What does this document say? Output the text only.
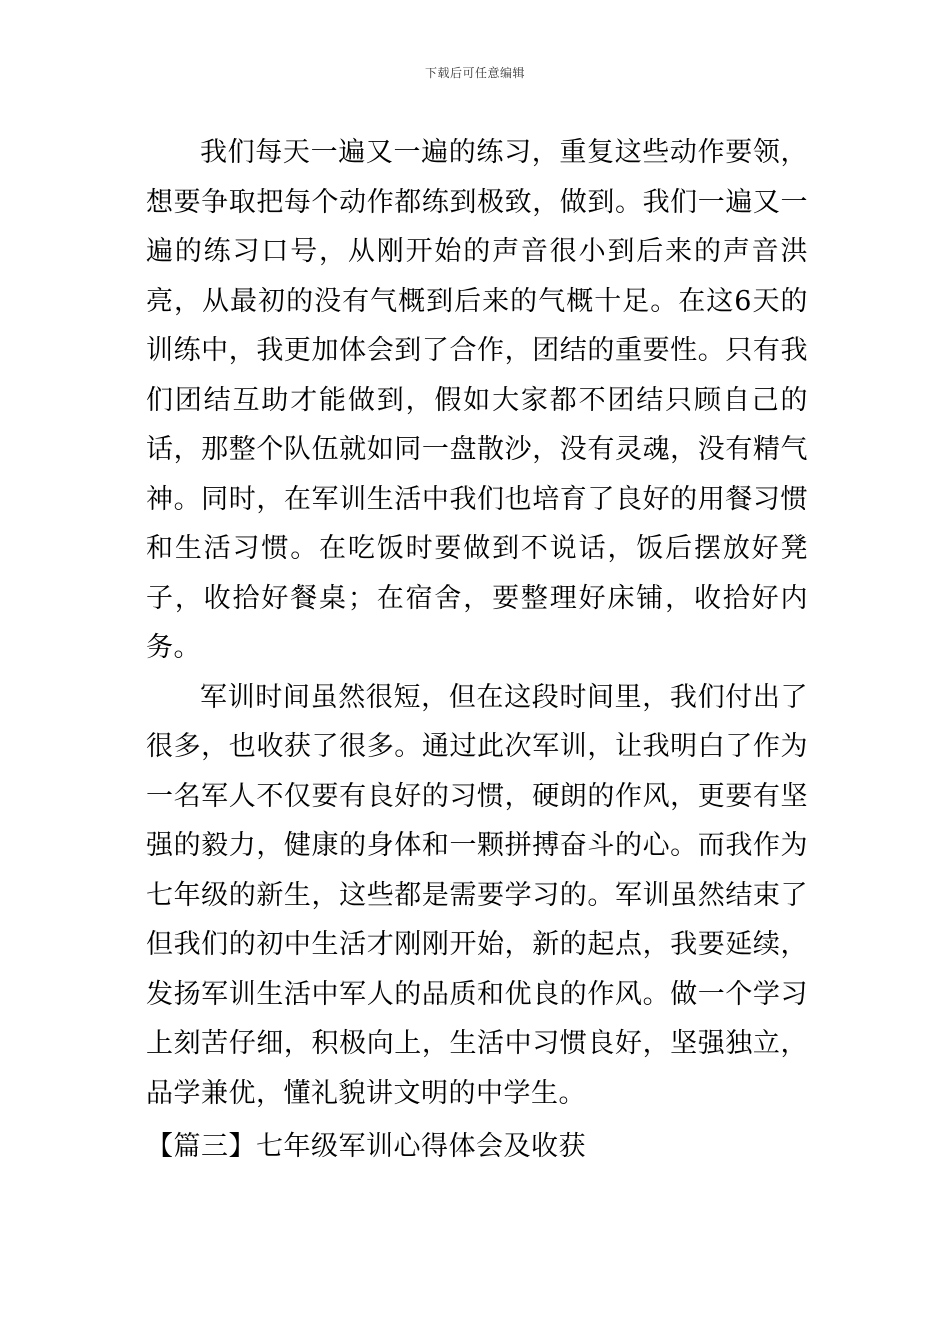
下载后可任意编辑

我们每天一遍又一遍的练习，重复这些动作要领，想要争取把每个动作都练到极致，做到。我们一遍又一遍的练习口号，从刚开始的声音很小到后来的声音洪亮，从最初的没有气概到后来的气概十足。在这6天的训练中，我更加体会到了合作，团结的重要性。只有我们团结互助才能做到，假如大家都不团结只顾自己的话，那整个队伍就如同一盘散沙，没有灵魂，没有精气神。同时，在军训生活中我们也培育了良好的用餐习惯和生活习惯。在吃饭时要做到不说话，饭后摆放好凳子，收拾好餐桌；在宿舍，要整理好床铺，收拾好内务。

军训时间虽然很短，但在这段时间里，我们付出了很多，也收获了很多。通过此次军训，让我明白了作为一名军人不仅要有良好的习惯，硬朗的作风，更要有坚强的毅力，健康的身体和一颗拼搏奋斗的心。而我作为七年级的新生，这些都是需要学习的。军训虽然结束了但我们的初中生活才刚刚开始，新的起点，我要延续，发扬军训生活中军人的品质和优良的作风。做一个学习上刻苦仔细，积极向上，生活中习惯良好，坚强独立，品学兼优，懂礼貌讲文明的中学生。

【篇三】七年级军训心得体会及收获
